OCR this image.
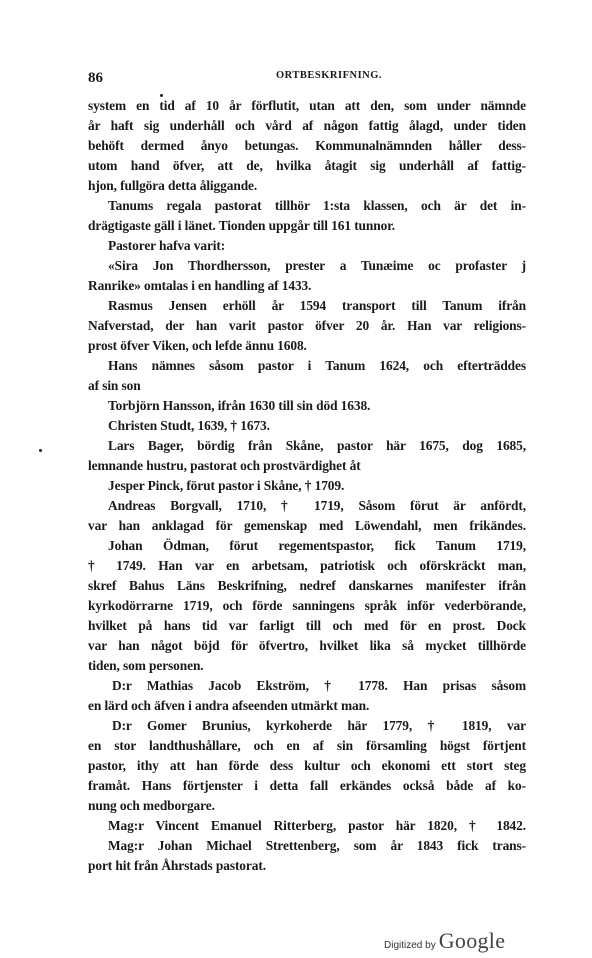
86	ORTBESKRIFNING.
system en tid af 10 år förflutit, utan att den, som under nämnde
år haft sig underhåll och vård af någon fattig ålagd, under tiden
behöft dermed ånyo betungas. Kommunalnämnden håller dess-
utom hand öfver, att de, hvilka åtagit sig underhåll af fattig-
hjon, fullgöra detta åliggande.
Tanums regala pastorat tillhör 1:sta klassen, och är det in-
drägtigaste gäll i länet. Tionden uppgår till 161 tunnor.
Pastorer hafva varit:
«Sira Jon Thordhersson, prester a Tunæime oc profaster j
Ranrike» omtalas i en handling af 1433.
Rasmus Jensen erhöll år 1594 transport till Tanum ifrån
Nafverstad, der han varit pastor öfver 20 år. Han var religions-
prost öfver Viken, och lefde ännu 1608.
Hans nämnes såsom pastor i Tanum 1624, och efterträddes
af sin son
Torbjörn Hansson, ifrån 1630 till sin död 1638.
Christen Studt, 1639, † 1673.
Lars Bager, bördig från Skåne, pastor här 1675, dog 1685,
lemnande hustru, pastorat och prostvärdighet åt
Jesper Pinck, förut pastor i Skåne, † 1709.
Andreas Borgvall, 1710, † 1719, Såsom förut är anfördt,
var han anklagad för gemenskap med Löwendahl, men frikändes.
Johan Ödman, förut regementspastor, fick Tanum 1719,
† 1749. Han var en arbetsam, patriotisk och oförskräckt man,
skref Bahus Läns Beskrifning, nedref danskarnes manifester ifrån
kyrkodörrarne 1719, och förde sanningens språk inför vederbörande,
hvilket på hans tid var farligt till och med för en prost. Dock
var han något böjd för öfvertro, hvilket lika så mycket tillhörde
tiden, som personen.
D:r Mathias Jacob Ekström, † 1778. Han prisas såsom
en lärd och äfven i andra afseenden utmärkt man.
D:r Gomer Brunius, kyrkoherde här 1779, † 1819, var
en stor landthushållare, och en af sin församling högst förtjent
pastor, ithy att han förde dess kultur och ekonomi ett stort steg
framåt. Hans förtjenster i detta fall erkändes också både af ko-
nung och medborgare.
Mag:r Vincent Emanuel Ritterberg, pastor här 1820, † 1842.
Mag:r Johan Michael Strettenberg, som år 1843 fick trans-
port hit från Åhrstads pastorat.
Digitized by Google
